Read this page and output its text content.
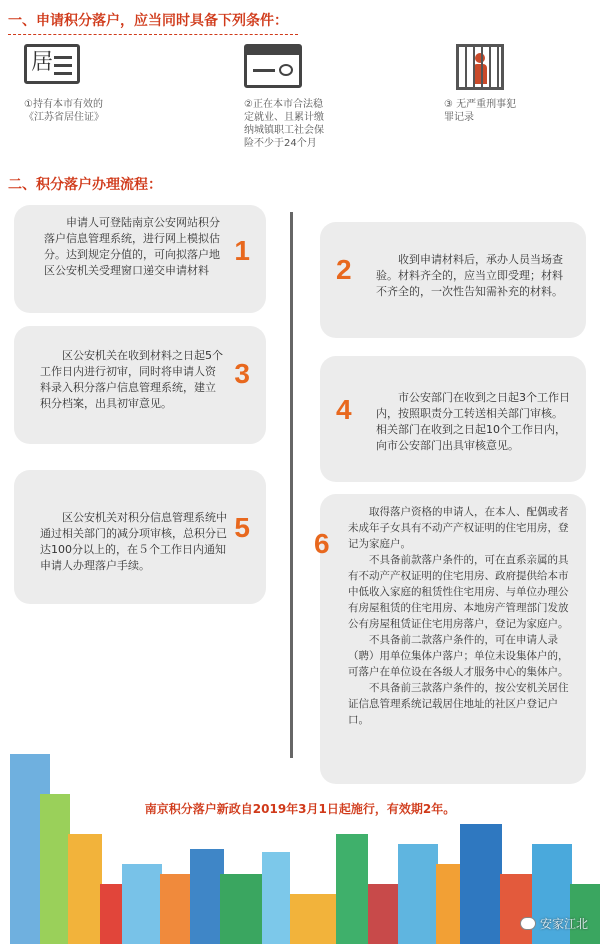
一、申请积分落户，应当同时具备下列条件：
居
①持有本市有效的《江苏省居住证》
②正在本市合法稳定就业、且累计缴纳城镇职工社会保险不少于24个月
③ 无严重刑事犯罪记录
二、积分落户办理流程：
申请人可登陆南京公安网站积分落户信息管理系统，进行网上模拟估分。达到规定分值的，可向拟落户地区公安机关受理窗口递交申请材料
1
2	收到申请材料后，承办人员当场查验。材料齐全的，应当立即受理；材料不齐全的，一次性告知需补充的材料。
区公安机关在收到材料之日起5个工作日内进行初审，同时将申请人资料录入积分落户信息管理系统，建立积分档案，出具初审意见。
3
4	市公安部门在收到之日起3个工作日内，按照职责分工转送相关部门审核。相关部门在收到之日起10个工作日内，向市公安部门出具审核意见。
区公安机关对积分信息管理系统中通过相关部门的减分项审核，总积分已达100分以上的，在５个工作日内通知申请人办理落户手续。
5
6

取得落户资格的申请人，在本人、配偶或者未成年子女具有不动产产权证明的住宅用房，登记为家庭户。

不具备前款落户条件的，可在直系亲属的具有不动产产权证明的住宅用房、政府提供给本市中低收入家庭的租赁性住宅用房、与单位办理公有房屋租赁的住宅用房、本地房产管理部门发放公有房屋租赁证住宅用房落户，登记为家庭户。

不具备前二款落户条件的，可在申请人录（聘）用单位集体户落户；单位未设集体户的，可落户在单位设在各级人才服务中心的集体户。

不具备前三款落户条件的，按公安机关居住证信息管理系统记载居住地址的社区户登记户口。

安家江北
南京积分落户新政自2019年3月1日起施行，有效期2年。
